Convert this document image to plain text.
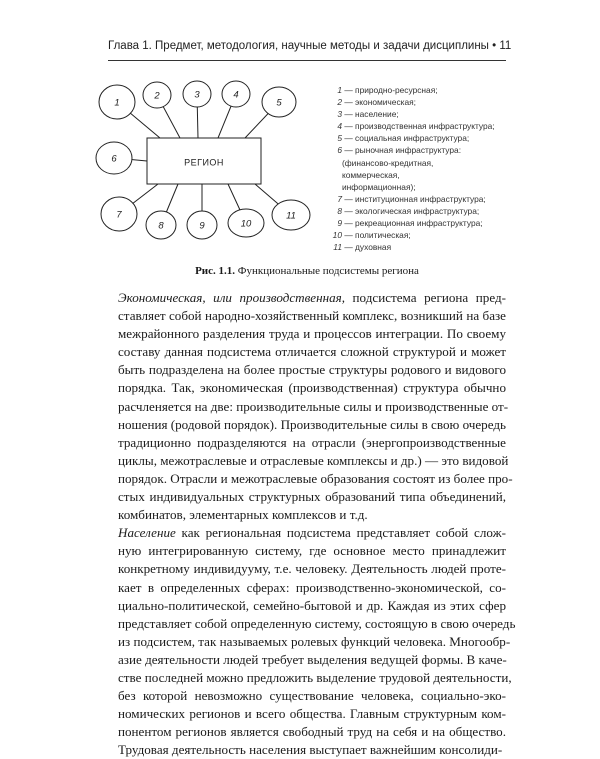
Глава 1. Предмет, методология, научные методы и задачи дисциплины • 11
РЕГИОН
1
2	3	4
5
6
7
8	9	10
11
1 — природно-ресурсная;
2 — экономическая;
3 — население;
4 — производственная инфраструктура;
5 — социальная инфраструктура;
6 — рыночная инфраструктура:
(финансово-кредитная,
коммерческая,
информационная);
7 — институционная инфраструктура;
8 — экологическая инфраструктура;
9 — рекреационная инфраструктура;
10 — политическая;
11 — духовная
Рис. 1.1. Функциональные подсистемы региона

Экономическая, или производственная, подсистема региона пред-
ставляет собой народно-хозяйственный комплекс, возникший на базе
межрайонного разделения труда и процессов интеграции. По своему
составу данная подсистема отличается сложной структурой и может
быть подразделена на более простые структуры родового и видового
порядка. Так, экономическая (производственная) структура обычно
расчленяется на две: производительные силы и производственные от-
ношения (родовой порядок). Производительные силы в свою очередь
традиционно подразделяются на отрасли (энергопроизводственные
циклы, межотраслевые и отраслевые комплексы и др.) — это видовой
порядок. Отрасли и межотраслевые образования состоят из более про-
стых индивидуальных структурных образований типа объединений,
комбинатов, элементарных комплексов и т.д.

Население как региональная подсистема представляет собой слож-
ную интегрированную систему, где основное место принадлежит
конкретному индивидууму, т.е. человеку. Деятельность людей проте-
кает в определенных сферах: производственно-экономической, со-
циально-политической, семейно-бытовой и др. Каждая из этих сфер
представляет собой определенную систему, состоящую в свою очередь
из подсистем, так называемых ролевых функций человека. Многообр-
азие деятельности людей требует выделения ведущей формы. В каче-
стве последней можно предложить выделение трудовой деятельности,
без которой невозможно существование человека, социально-эко-
номических регионов и всего общества. Главным структурным ком-
понентом регионов является свободный труд на себя и на общество.
Трудовая деятельность населения выступает важнейшим консолиди-
